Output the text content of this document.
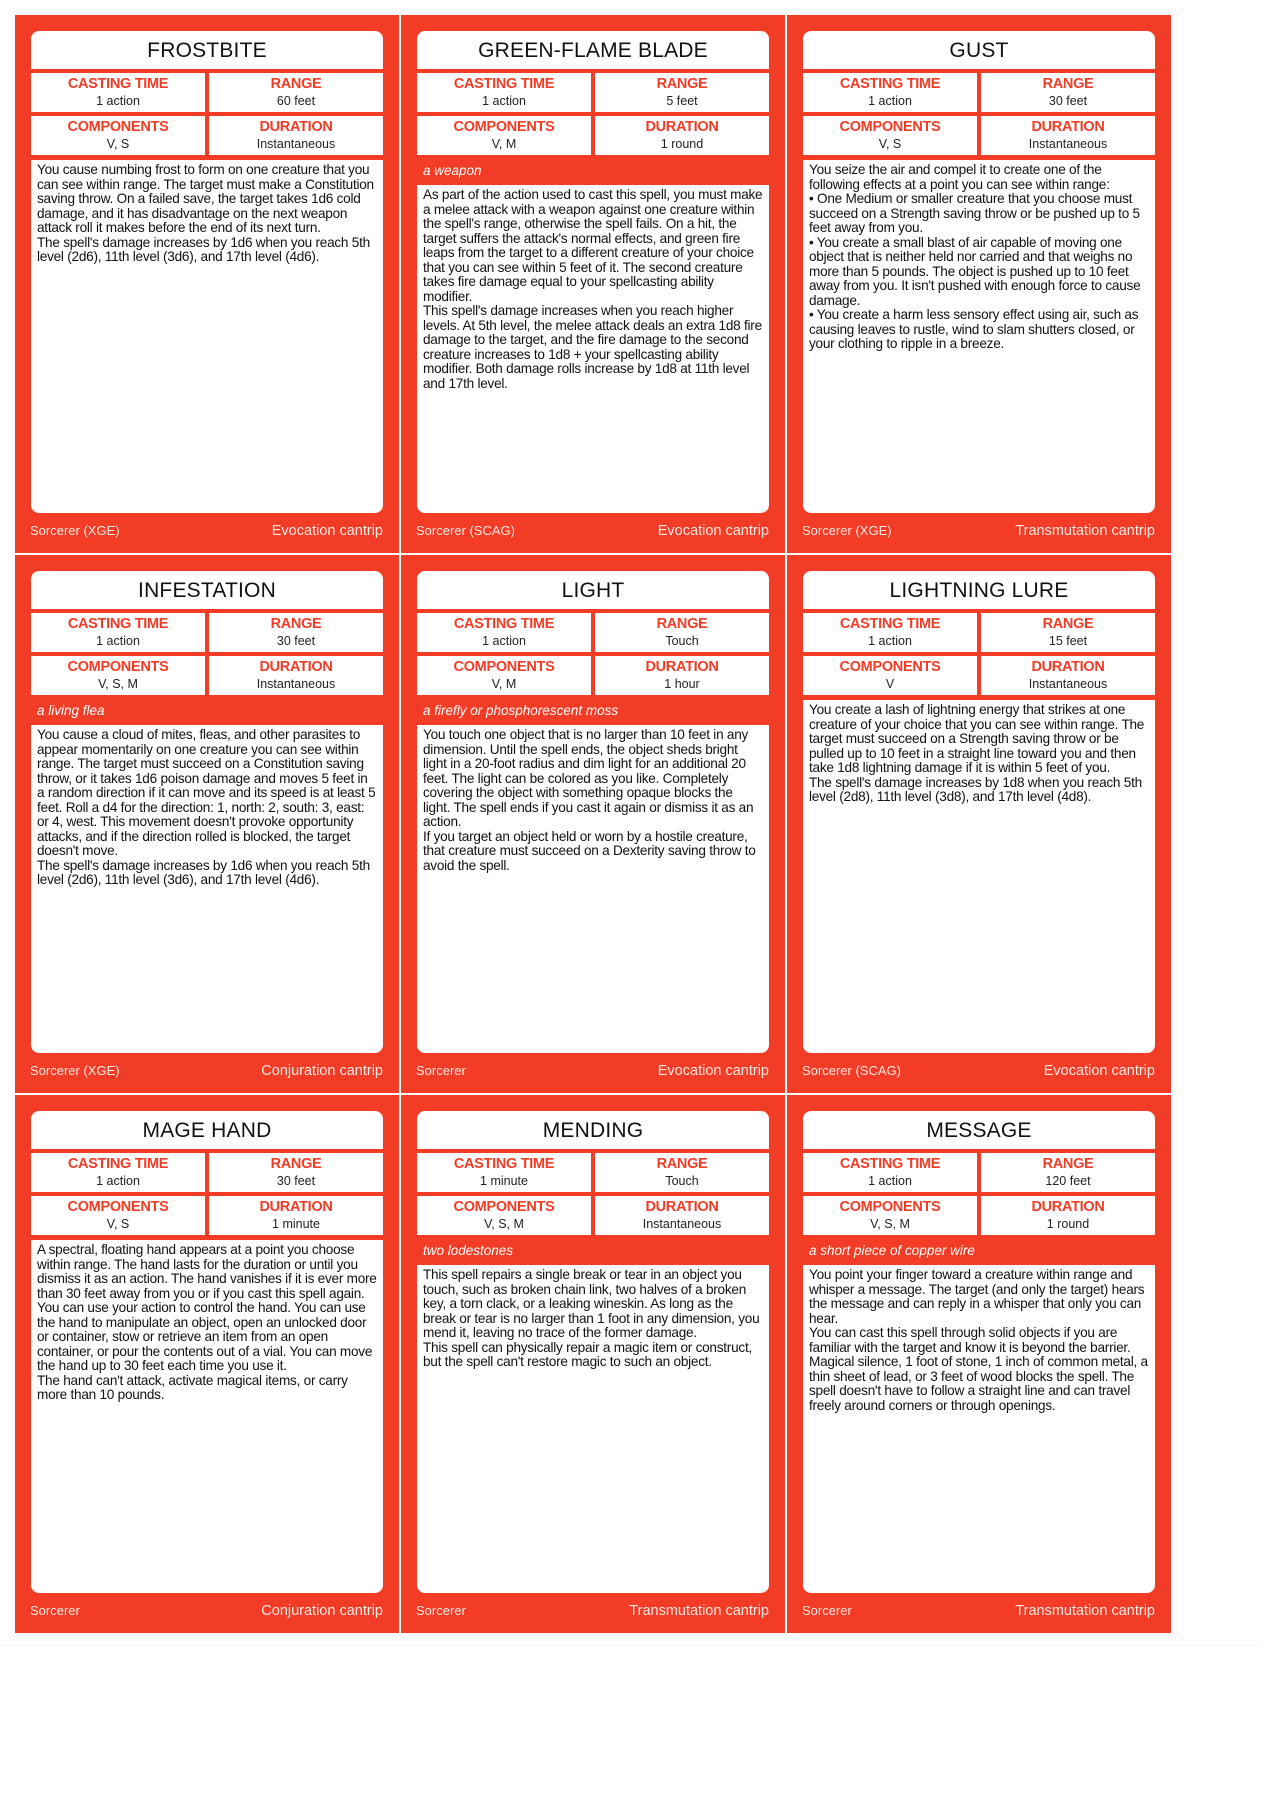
FROSTBITE
CASTING TIME
1 action
RANGE
60 feet
COMPONENTS
V, S
DURATION
Instantaneous

You cause numbing frost to form on one creature that you can see within range. The target must make a Constitution saving throw. On a failed save, the target takes 1d6 cold damage, and it has disadvantage on the next weapon attack roll it makes before the end of its next turn.

The spell's damage increases by 1d6 when you reach 5th level (2d6), 11th level (3d6), and 17th level (4d6).

Sorcerer (XGE)	Evocation cantrip
GREEN-FLAME BLADE
CASTING TIME
1 action
RANGE
5 feet
COMPONENTS
V, M
DURATION
1 round
a weapon

As part of the action used to cast this spell, you must make a melee attack with a weapon against one creature within the spell's range, otherwise the spell fails. On a hit, the target suffers the attack's normal effects, and green fire leaps from the target to a different creature of your choice that you can see within 5 feet of it. The second creature takes fire damage equal to your spellcasting ability modifier.

This spell's damage increases when you reach higher levels. At 5th level, the melee attack deals an extra 1d8 fire damage to the target, and the fire damage to the second creature increases to 1d8 + your spellcasting ability modifier. Both damage rolls increase by 1d8 at 11th level and 17th level.

Sorcerer (SCAG)	Evocation cantrip
GUST
CASTING TIME
1 action
RANGE
30 feet
COMPONENTS
V, S
DURATION
Instantaneous

You seize the air and compel it to create one of the following effects at a point you can see within range:

• One Medium or smaller creature that you choose must succeed on a Strength saving throw or be pushed up to 5 feet away from you.

• You create a small blast of air capable of moving one object that is neither held nor carried and that weighs no more than 5 pounds. The object is pushed up to 10 feet away from you. It isn't pushed with enough force to cause damage.

• You create a harm less sensory effect using air, such as causing leaves to rustle, wind to slam shutters closed, or your clothing to ripple in a breeze.

Sorcerer (XGE)	Transmutation cantrip
INFESTATION
CASTING TIME
1 action
RANGE
30 feet
COMPONENTS
V, S, M
DURATION
Instantaneous
a living flea

You cause a cloud of mites, fleas, and other parasites to appear momentarily on one creature you can see within range. The target must succeed on a Constitution saving throw, or it takes 1d6 poison damage and moves 5 feet in a random direction if it can move and its speed is at least 5 feet. Roll a d4 for the direction: 1, north: 2, south: 3, east: or 4, west. This movement doesn't provoke opportunity attacks, and if the direction rolled is blocked, the target doesn't move.

The spell's damage increases by 1d6 when you reach 5th level (2d6), 11th level (3d6), and 17th level (4d6).

Sorcerer (XGE)	Conjuration cantrip
LIGHT
CASTING TIME
1 action
RANGE
Touch
COMPONENTS
V, M
DURATION
1 hour
a firefly or phosphorescent moss

You touch one object that is no larger than 10 feet in any dimension. Until the spell ends, the object sheds bright light in a 20-foot radius and dim light for an additional 20 feet. The light can be colored as you like. Completely covering the object with something opaque blocks the light. The spell ends if you cast it again or dismiss it as an action.

If you target an object held or worn by a hostile creature, that creature must succeed on a Dexterity saving throw to avoid the spell.

Sorcerer	Evocation cantrip
LIGHTNING LURE
CASTING TIME
1 action
RANGE
15 feet
COMPONENTS
V
DURATION
Instantaneous

You create a lash of lightning energy that strikes at one creature of your choice that you can see within range. The target must succeed on a Strength saving throw or be pulled up to 10 feet in a straight line toward you and then take 1d8 lightning damage if it is within 5 feet of you.

The spell's damage increases by 1d8 when you reach 5th level (2d8), 11th level (3d8), and 17th level (4d8).

Sorcerer (SCAG)	Evocation cantrip
MAGE HAND
CASTING TIME
1 action
RANGE
30 feet
COMPONENTS
V, S
DURATION
1 minute

A spectral, floating hand appears at a point you choose within range. The hand lasts for the duration or until you dismiss it as an action. The hand vanishes if it is ever more than 30 feet away from you or if you cast this spell again.

You can use your action to control the hand. You can use the hand to manipulate an object, open an unlocked door or container, stow or retrieve an item from an open container, or pour the contents out of a vial. You can move the hand up to 30 feet each time you use it.

The hand can't attack, activate magical items, or carry more than 10 pounds.

Sorcerer	Conjuration cantrip
MENDING
CASTING TIME
1 minute
RANGE
Touch
COMPONENTS
V, S, M
DURATION
Instantaneous
two lodestones

This spell repairs a single break or tear in an object you touch, such as broken chain link, two halves of a broken key, a torn clack, or a leaking wineskin. As long as the break or tear is no larger than 1 foot in any dimension, you mend it, leaving no trace of the former damage.

This spell can physically repair a magic item or construct, but the spell can't restore magic to such an object.

Sorcerer	Transmutation cantrip
MESSAGE
CASTING TIME
1 action
RANGE
120 feet
COMPONENTS
V, S, M
DURATION
1 round
a short piece of copper wire

You point your finger toward a creature within range and whisper a message. The target (and only the target) hears the message and can reply in a whisper that only you can hear.

You can cast this spell through solid objects if you are familiar with the target and know it is beyond the barrier. Magical silence, 1 foot of stone, 1 inch of common metal, a thin sheet of lead, or 3 feet of wood blocks the spell. The spell doesn't have to follow a straight line and can travel freely around corners or through openings.

Sorcerer	Transmutation cantrip
